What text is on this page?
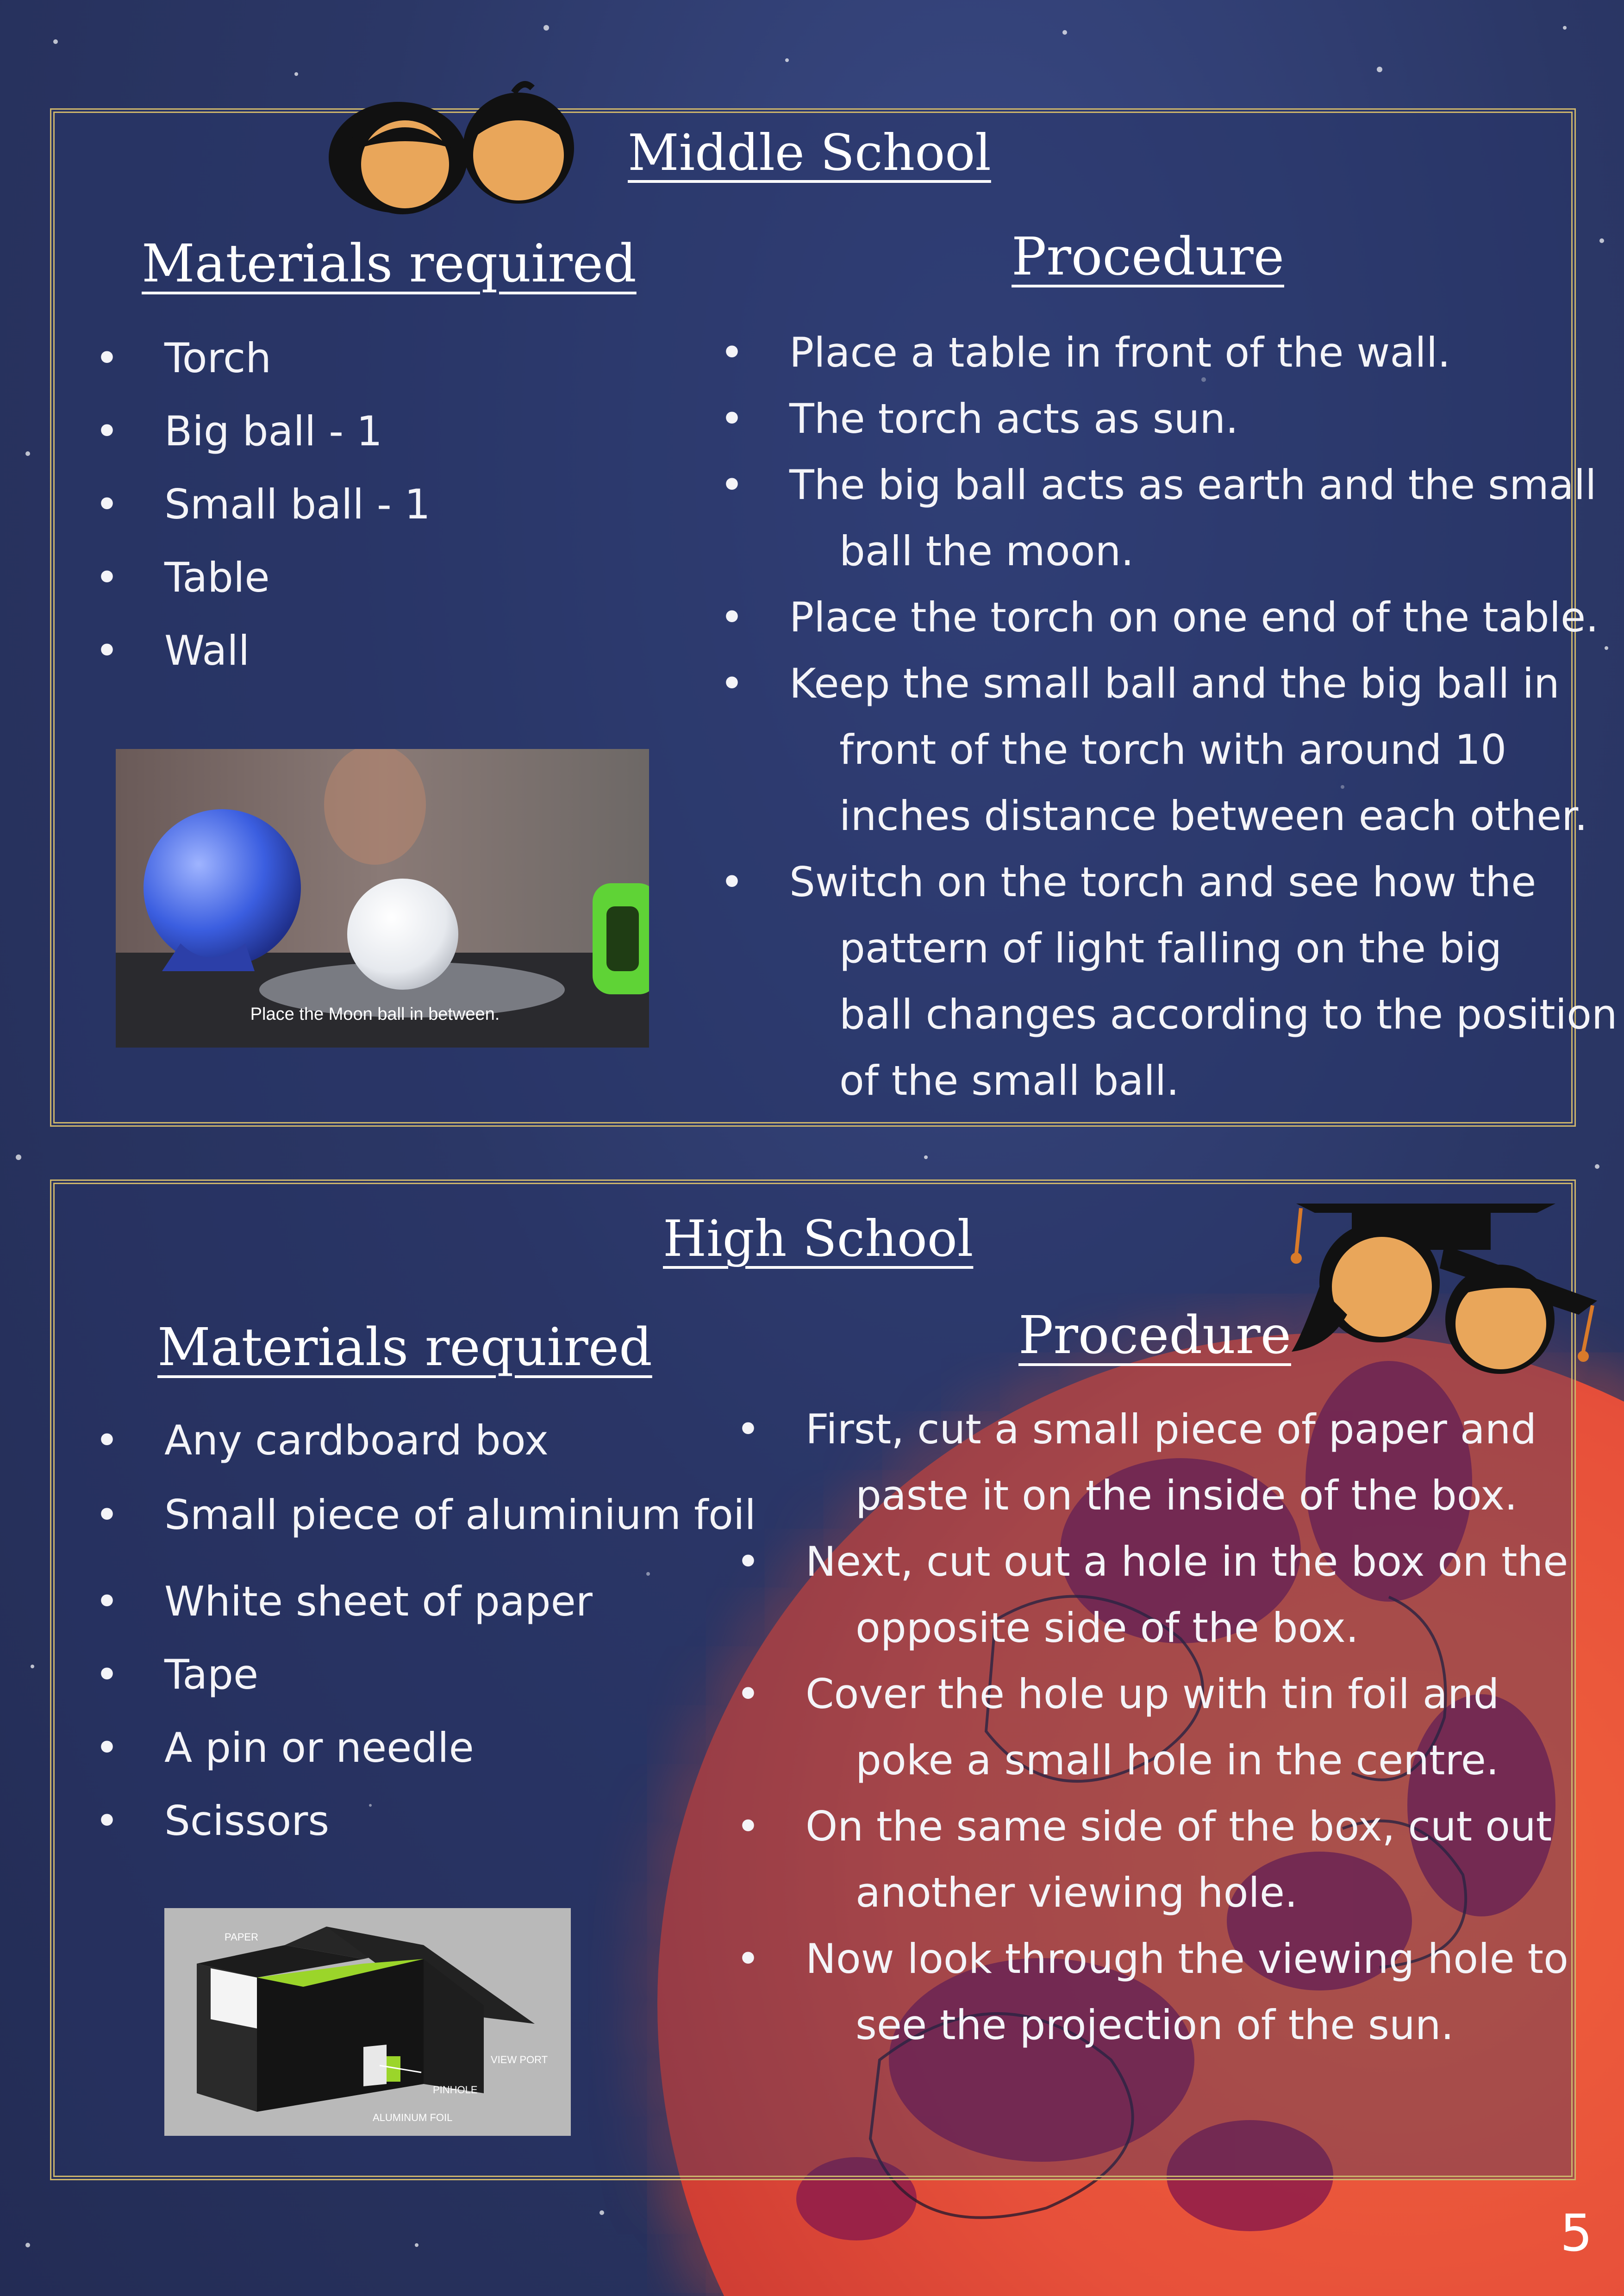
Middle School
Materials required	Procedure
• Torch
• Big ball - 1
• Small ball - 1
• Table
• Wall
Place the Moon ball in between.
• Place a table in front of the wall.
• The torch acts as sun.
• The big ball acts as earth and the small
ball the moon.
• Place the torch on one end of the table.
• Keep the small ball and the big ball in
front of the torch with around 10
inches distance between each other.
• Switch on the torch and see how the
pattern of light falling on the big
ball changes according to the position
of the small ball.
High School
Materials required	Procedure
• Any cardboard box
• Small piece of aluminium foil
• White sheet of paper
• Tape
• A pin or needle
• Scissors
PAPER
VIEW PORT
PINHOLE
ALUMINUM FOIL
• First, cut a small piece of paper and
paste it on the inside of the box.
• Next, cut out a hole in the box on the
opposite side of the box.
• Cover the hole up with tin foil and
poke a small hole in the centre.
• On the same side of the box, cut out
another viewing hole.
• Now look through the viewing hole to
see the projection of the sun.
5
